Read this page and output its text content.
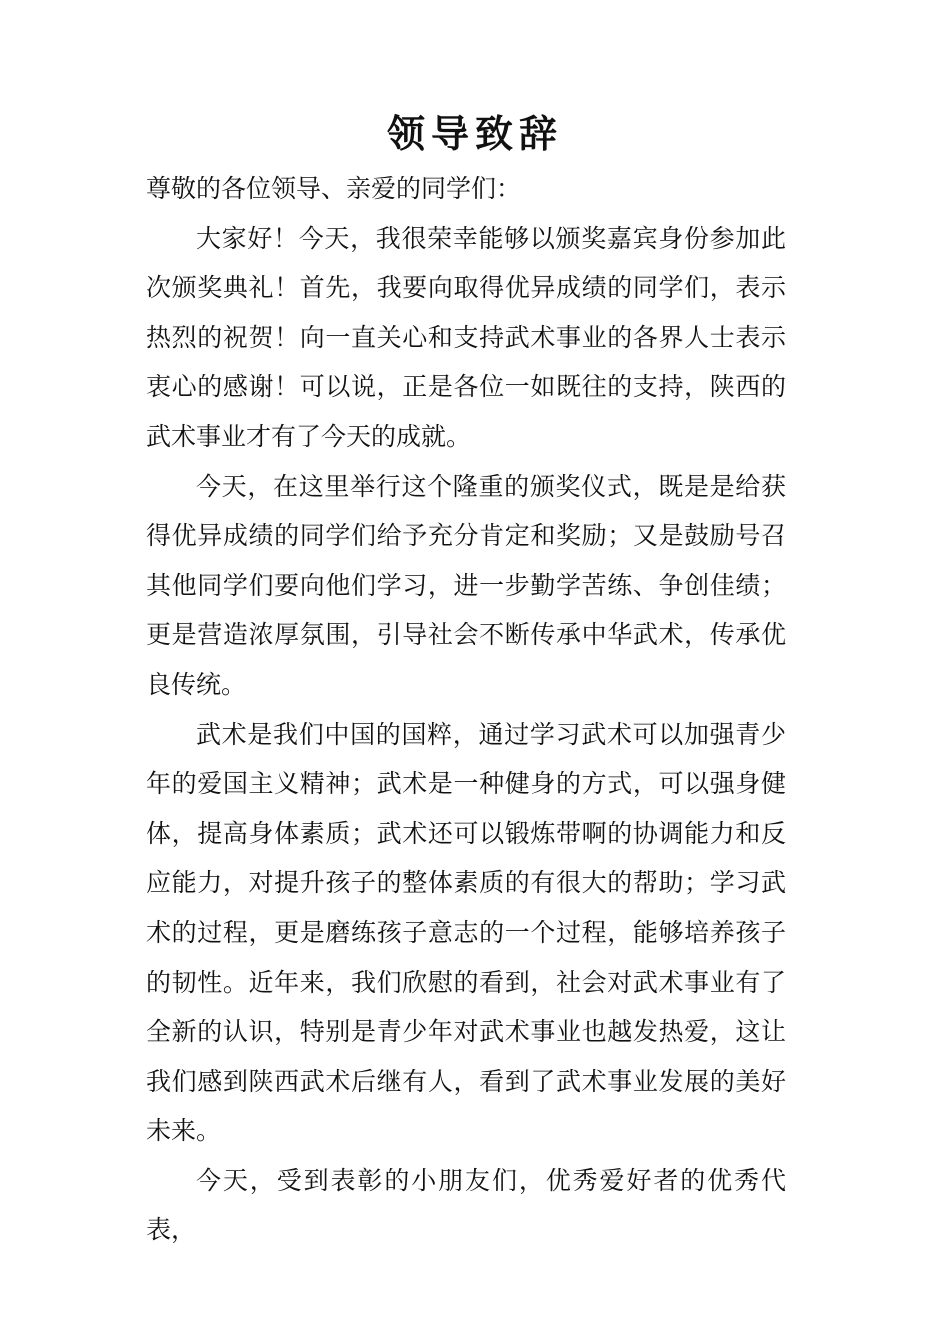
领导致辞

尊敬的各位领导、亲爱的同学们：

大家好！今天，我很荣幸能够以颁奖嘉宾身份参加此次颁奖典礼！首先，我要向取得优异成绩的同学们，表示热烈的祝贺！向一直关心和支持武术事业的各界人士表示衷心的感谢！可以说，正是各位一如既往的支持，陕西的武术事业才有了今天的成就。

今天，在这里举行这个隆重的颁奖仪式，既是是给获得优异成绩的同学们给予充分肯定和奖励；又是鼓励号召其他同学们要向他们学习，进一步勤学苦练、争创佳绩；更是营造浓厚氛围，引导社会不断传承中华武术，传承优良传统。

武术是我们中国的国粹，通过学习武术可以加强青少年的爱国主义精神；武术是一种健身的方式，可以强身健体，提高身体素质；武术还可以锻炼带啊的协调能力和反应能力，对提升孩子的整体素质的有很大的帮助；学习武术的过程，更是磨练孩子意志的一个过程，能够培养孩子的韧性。近年来，我们欣慰的看到，社会对武术事业有了全新的认识，特别是青少年对武术事业也越发热爱，这让我们感到陕西武术后继有人，看到了武术事业发展的美好未来。

今天，受到表彰的小朋友们，优秀爱好者的优秀代表，
